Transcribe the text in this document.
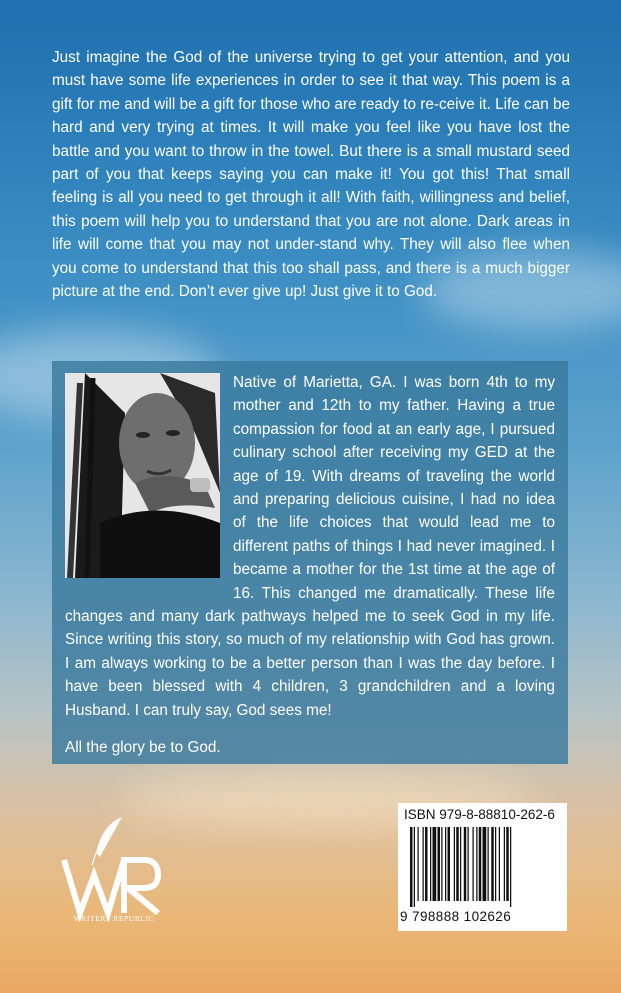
Just imagine the God of the universe trying to get your attention, and you must have some life experiences in order to see it that way. This poem is a gift for me and will be a gift for those who are ready to re-ceive it. Life can be hard and very trying at times. It will make you feel like you have lost the battle and you want to throw in the towel. But there is a small mustard seed part of you that keeps saying you can make it! You got this! That small feeling is all you need to get through it all! With faith, willingness and belief, this poem will help you to understand that you are not alone. Dark areas in life will come that you may not under-stand why. They will also flee when you come to understand that this too shall pass, and there is a much bigger picture at the end. Don’t ever give up! Just give it to God.
Native of Marietta, GA. I was born 4th to my mother and 12th to my father. Having a true compassion for food at an early age, I pursued culinary school after receiving my GED at the age of 19. With dreams of traveling the world and preparing delicious cuisine, I had no idea of the life choices that would lead me to different paths of things I had never imagined. I became a mother for the 1st time at the age of 16. This changed me dramatically. These life changes and many dark pathways helped me to seek God in my life. Since writing this story, so much of my relationship with God has grown. I am always working to be a better person than I was the day before. I have been blessed with 4 children, 3 grandchildren and a loving Husband. I can truly say, God sees me!
All the glory be to God.
WRITERS REPUBLIC
ISBN 979-8-88810-262-6
9 798888 102626
